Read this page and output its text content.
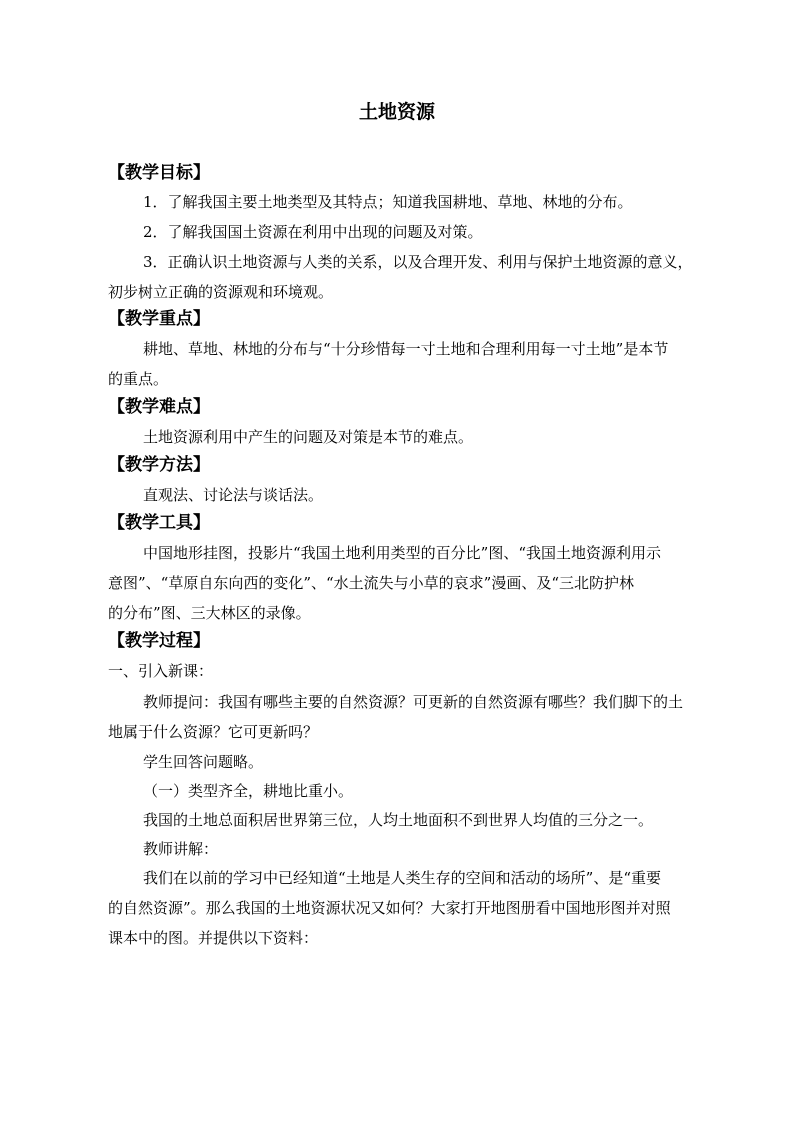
土地资源
【教学目标】

1．了解我国主要土地类型及其特点；知道我国耕地、草地、林地的分布。

2．了解我国国土资源在利用中出现的问题及对策。

3．正确认识土地资源与人类的关系，以及合理开发、利用与保护土地资源的意义，

初步树立正确的资源观和环境观。

【教学重点】

耕地、草地、林地的分布与“十分珍惜每一寸土地和合理利用每一寸土地”是本节

的重点。

【教学难点】

土地资源利用中产生的问题及对策是本节的难点。

【教学方法】

直观法、讨论法与谈话法。

【教学工具】

中国地形挂图，投影片“我国土地利用类型的百分比”图、“我国土地资源利用示

意图”、“草原自东向西的变化”、“水土流失与小草的哀求”漫画、及“三北防护林

的分布”图、三大林区的录像。

【教学过程】

一、引入新课：

教师提问：我国有哪些主要的自然资源？可更新的自然资源有哪些？我们脚下的土

地属于什么资源？它可更新吗？

学生回答问题略。

（一）类型齐全，耕地比重小。

我国的土地总面积居世界第三位，人均土地面积不到世界人均值的三分之一。

教师讲解：

我们在以前的学习中已经知道“土地是人类生存的空间和活动的场所”、是“重要

的自然资源”。那么我国的土地资源状况又如何？大家打开地图册看中国地形图并对照

课本中的图。并提供以下资料：
